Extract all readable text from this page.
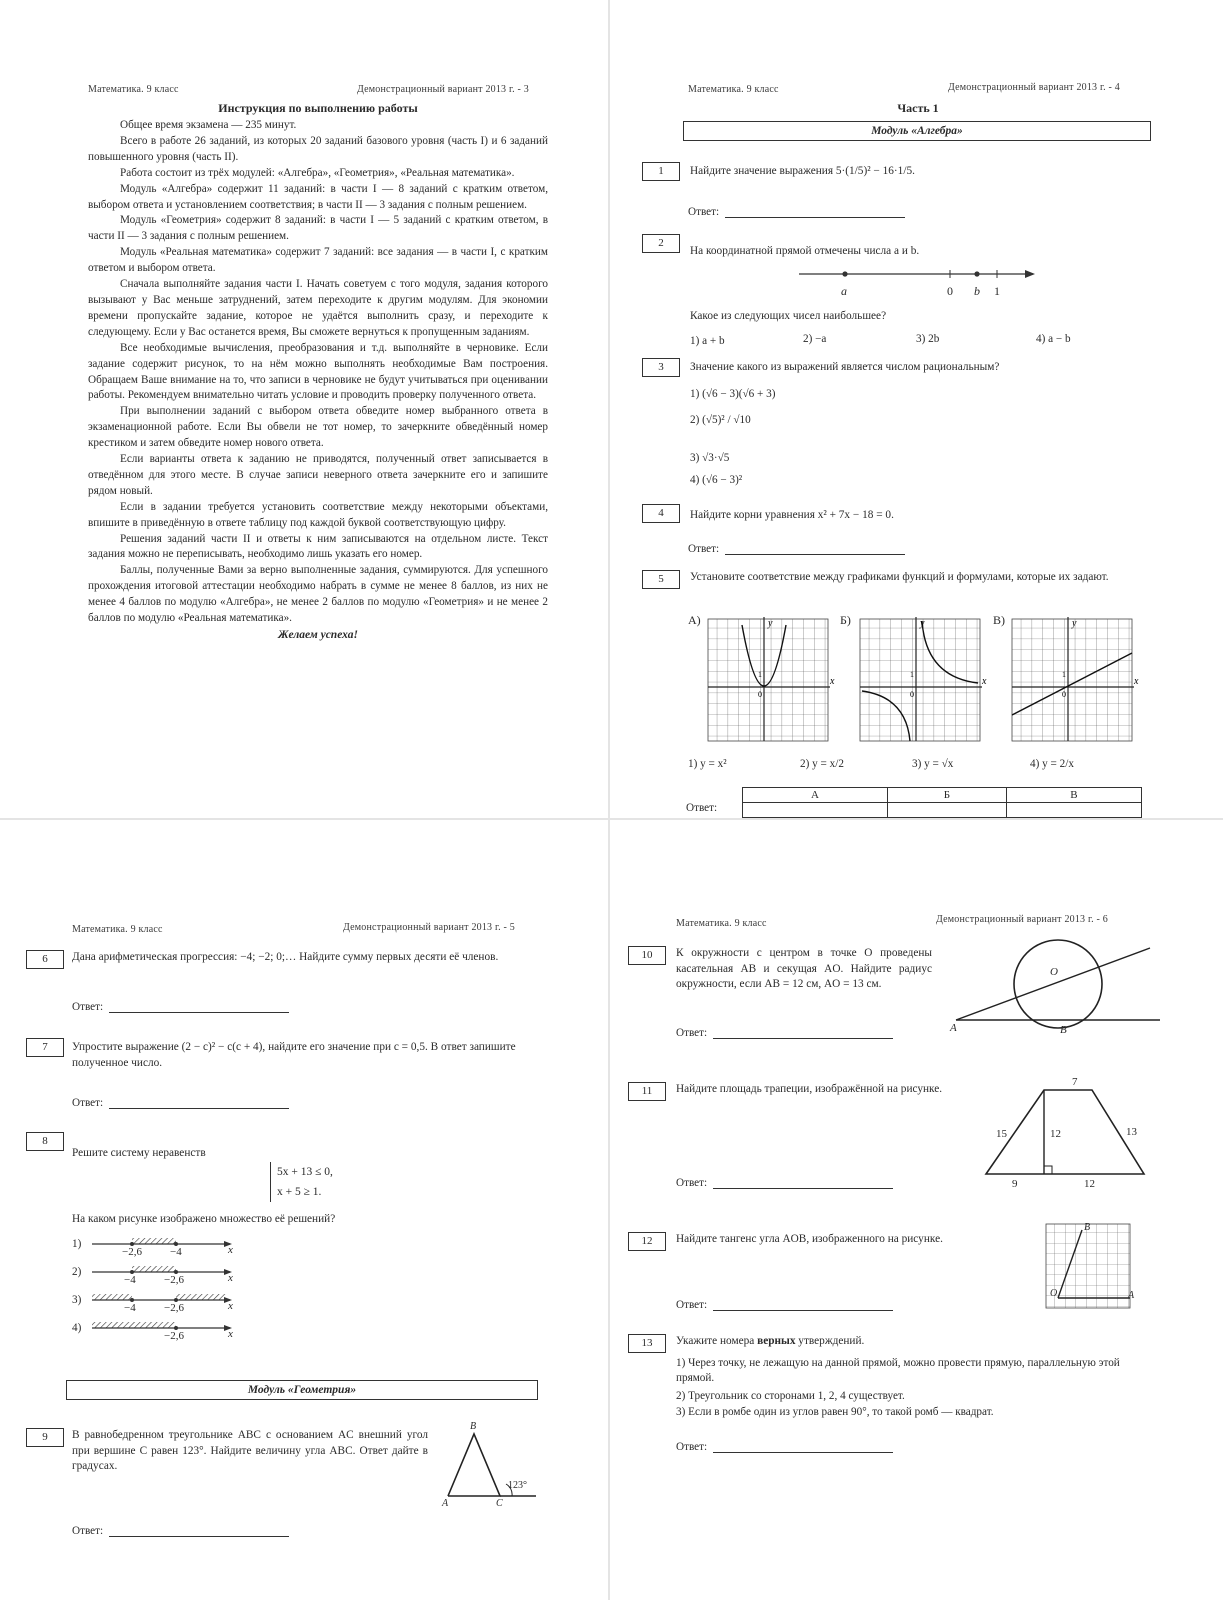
Математика. 9 класс	Демонстрационный вариант 2013 г. - 3
Инструкция по выполнению работы

Общее время экзамена — 235 минут.

Всего в работе 26 заданий, из которых 20 заданий базового уровня (часть I) и 6 заданий повышенного уровня (часть II).

Работа состоит из трёх модулей: «Алгебра», «Геометрия», «Реальная математика».

Модуль «Алгебра» содержит 11 заданий: в части I — 8 заданий с кратким ответом, выбором ответа и установлением соответствия; в части II — 3 задания с полным решением.

Модуль «Геометрия» содержит 8 заданий: в части I — 5 заданий с кратким ответом, в части II — 3 задания с полным решением.

Модуль «Реальная математика» содержит 7 заданий: все задания — в части I, с кратким ответом и выбором ответа.

Сначала выполняйте задания части I. Начать советуем с того модуля, задания которого вызывают у Вас меньше затруднений, затем переходите к другим модулям. Для экономии времени пропускайте задание, которое не удаётся выполнить сразу, и переходите к следующему. Если у Вас останется время, Вы сможете вернуться к пропущенным заданиям.

Все необходимые вычисления, преобразования и т.д. выполняйте в черновике. Если задание содержит рисунок, то на нём можно выполнять необходимые Вам построения. Обращаем Ваше внимание на то, что записи в черновике не будут учитываться при оценивании работы. Рекомендуем внимательно читать условие и проводить проверку полученного ответа.

При выполнении заданий с выбором ответа обведите номер выбранного ответа в экзаменационной работе. Если Вы обвели не тот номер, то зачеркните обведённый номер крестиком и затем обведите номер нового ответа.

Если варианты ответа к заданию не приводятся, полученный ответ записывается в отведённом для этого месте. В случае записи неверного ответа зачеркните его и запишите рядом новый.

Если в задании требуется установить соответствие между некоторыми объектами, впишите в приведённую в ответе таблицу под каждой буквой соответствующую цифру.

Решения заданий части II и ответы к ним записываются на отдельном листе. Текст задания можно не переписывать, необходимо лишь указать его номер.

Баллы, полученные Вами за верно выполненные задания, суммируются. Для успешного прохождения итоговой аттестации необходимо набрать в сумме не менее 8 баллов, из них не менее 4 баллов по модулю «Алгебра», не менее 2 баллов по модулю «Геометрия» и не менее 2 баллов по модулю «Реальная математика».

Желаем успеха!
Математика. 9 класс	Демонстрационный вариант 2013 г. - 4
Часть 1
Модуль «Алгебра»
1	Найдите значение выражения 5·(1/5)² − 16·1/5.
Ответ:
2
На координатной прямой отмечены числа a и b.
a	0 b 1
Какое из следующих чисел наибольшее?
1) a + b	2) −a	3) 2b	4) a − b
3	Значение какого из выражений является числом рациональным?
1) (√6 − 3)(√6 + 3)
2) (√5)² / √10
3) √3·√5
4) (√6 − 3)²
4	Найдите корни уравнения x² + 7x − 18 = 0.
Ответ:
5	Установите соответствие между графиками функций и формулами, которые их задают.
А)	Б)	В)
y
x
0
1
y
x
0
1
y
x
0
1
1) y = x²	2) y = x/2	3) y = √x	4) y = 2/x
Ответ:
А	Б	В

Математика. 9 класс	Демонстрационный вариант 2013 г. - 5
6	Дана арифметическая прогрессия: −4; −2; 0;… Найдите сумму первых десяти её членов.
Ответ:
7	Упростите выражение (2 − c)² − c(c + 4), найдите его значение при c = 0,5. В ответ запишите полученное число.
Ответ:
8
Решите систему неравенств
5x + 13 ≤ 0,
x + 5 ≥ 1.
На каком рисунке изображено множество её решений?
1)
2)
3)
4)
−2,6	−4
−4	−2,6
−4	−2,6
−2,6
x
x
x
x
Модуль «Геометрия»
9	В равнобедренном треугольнике ABC с основанием AC внешний угол при вершине C равен 123°. Найдите величину угла ABC. Ответ дайте в градусах.
B
A	C
123°
Ответ:
Математика. 9 класс	Демонстрационный вариант 2013 г. - 6
10	К окружности с центром в точке O проведены касательная AB и секущая AO. Найдите радиус окружности, если AB = 12 см, AO = 13 см.
O
A	B
Ответ:
11	Найдите площадь трапеции, изображённой на рисунке.
7
15	12	13
9	12
Ответ:
12	Найдите тангенс угла AOB, изображенного на рисунке.
B
O	A
Ответ:
13	Укажите номера верных утверждений.
1) Через точку, не лежащую на данной прямой, можно провести прямую, параллельную этой прямой.
2) Треугольник со сторонами 1, 2, 4 существует.
3) Если в ромбе один из углов равен 90°, то такой ромб — квадрат.
Ответ:
